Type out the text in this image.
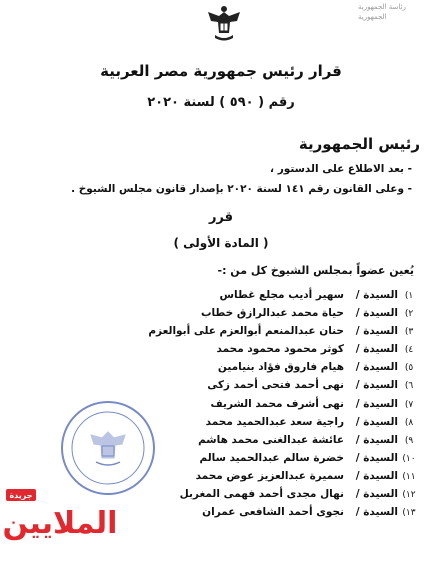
رئاسة الجمهورية
الجمهورية
قرار رئيس جمهورية مصر العربية
رقم ( ٥٩٠ ) لسنة ٢٠٢٠
رئيس الجمهورية
- بعد الاطلاع على الدستور ،
- وعلى القانون رقم ١٤١ لسنة ٢٠٢٠ بإصدار قانون مجلس الشيوخ .
قرر
( المادة الأولى )
يُعين عضواً بمجلس الشيوخ كل من :-
١)
السيدة /
سهير أديب مجلع غطاس
٢)
السيدة /
حياة محمد عبدالرازق خطاب
٣)
السيدة /
حنان عبدالمنعم أبوالعزم على أبوالعزم
٤)
السيدة /
كوثر محمود محمود محمد
٥)
السيدة /
هيام فاروق فؤاد بنيامين
٦)
السيدة /
نهى أحمد فتحى أحمد زكى
٧)
السيدة /
نهى أشرف محمد الشريف
٨)
السيدة /
راجية سعد عبدالحميد محمد
٩)
السيدة /
عائشة عبدالغنى محمد هاشم
١٠)
السيدة /
خضرة سالم عبدالحميد سالم
١١)
السيدة /
سميرة عبدالعزيز عوض محمد
١٢)
السيدة /
نهال مجدى أحمد فهمى المغربل
١٣)
السيدة /
نجوى أحمد الشافعى عمران
جريدة
الملايين
